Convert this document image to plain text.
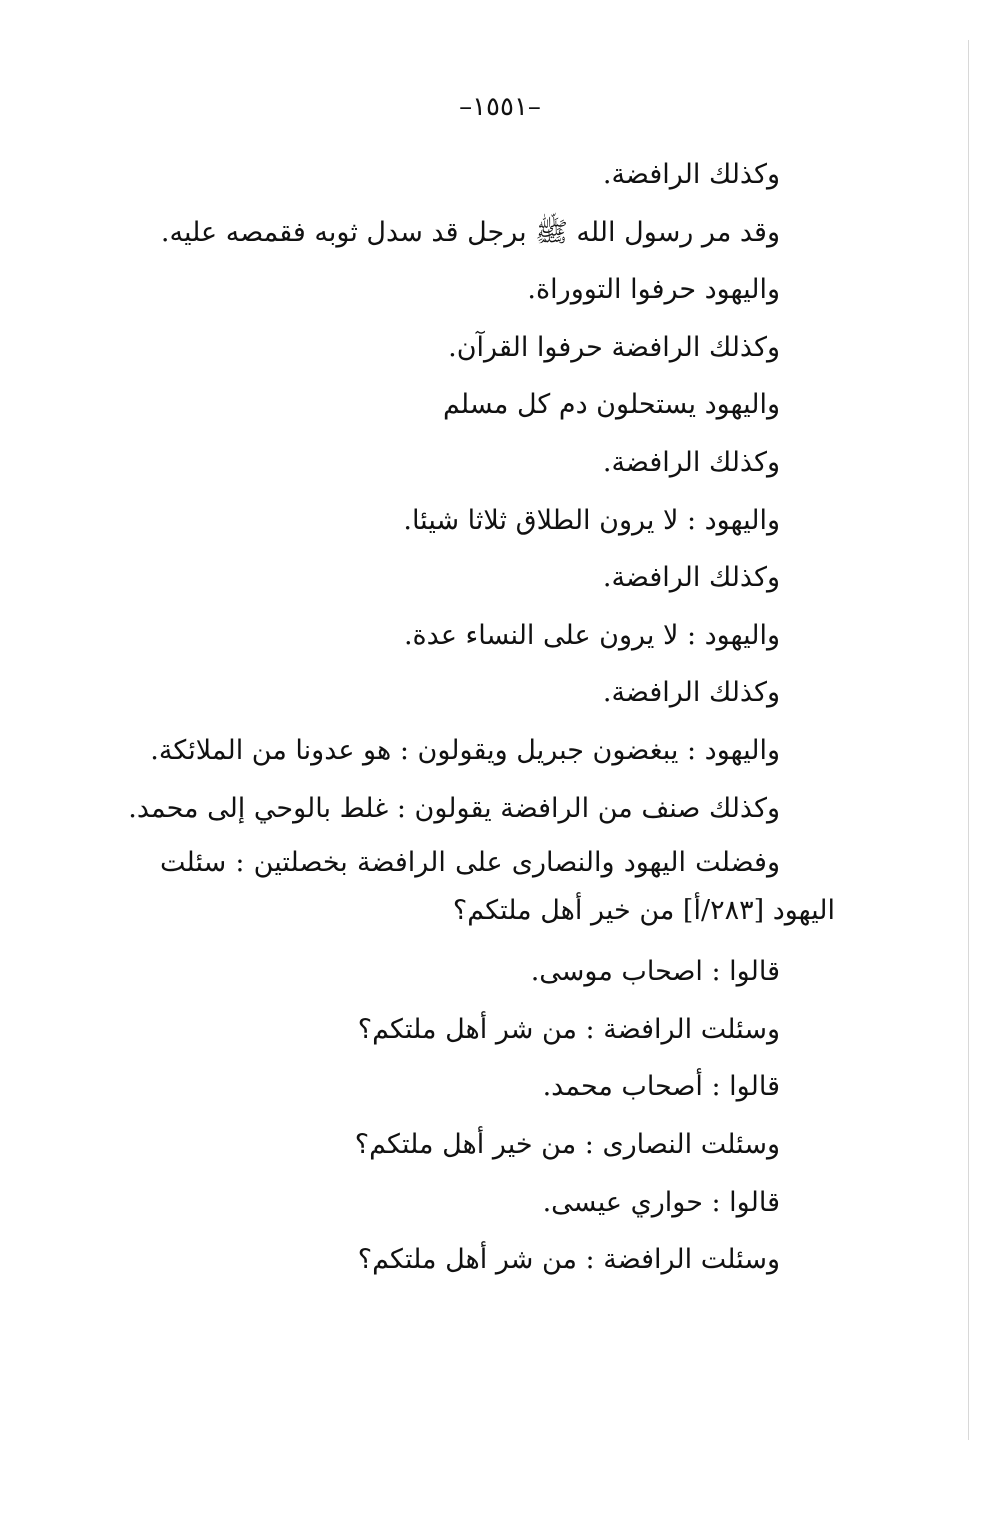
–١٥٥١–
وكذلك الرافضة.
وقد مر رسول الله ﷺ برجل قد سدل ثوبه فقمصه عليه.
واليهود حرفوا التووراة.
وكذلك الرافضة حرفوا القرآن.
واليهود يستحلون دم كل مسلم
وكذلك الرافضة.
واليهود : لا يرون الطلاق ثلاثا شيئا.
وكذلك الرافضة.
واليهود : لا يرون على النساء عدة.
وكذلك الرافضة.
واليهود : يبغضون جبريل ويقولون : هو عدونا من الملائكة.
وكذلك صنف من الرافضة يقولون : غلط بالوحي إلى محمد.
وفضلت اليهود والنصارى على الرافضة بخصلتين : سئلت
اليهود [٢٨٣/أ] من خير أهل ملتكم؟
قالوا : اصحاب موسى.
وسئلت الرافضة : من شر أهل ملتكم؟
قالوا : أصحاب محمد.
وسئلت النصارى : من خير أهل ملتكم؟
قالوا : حواري عيسى.
وسئلت الرافضة : من شر أهل ملتكم؟
